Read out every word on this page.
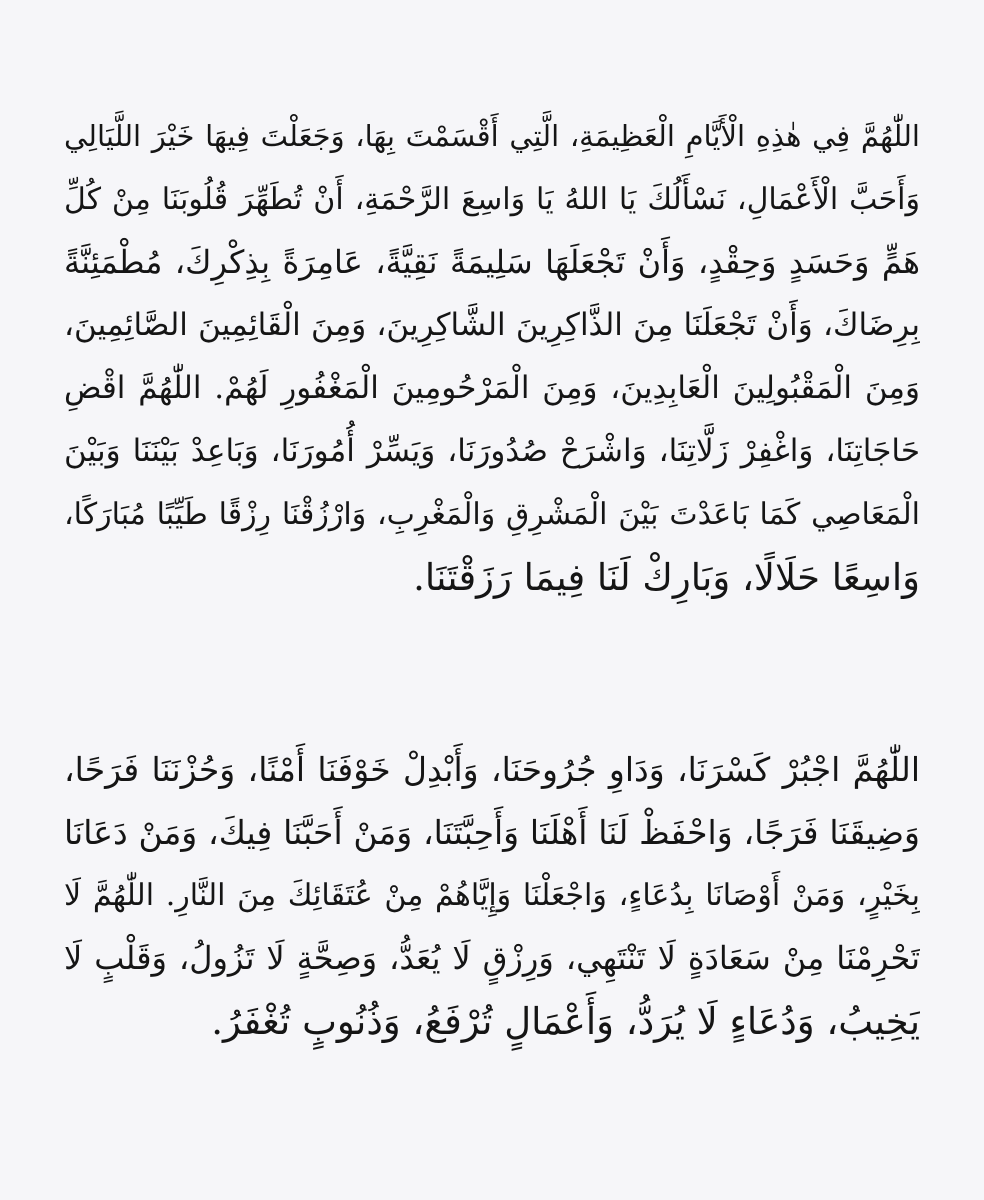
اللّٰهُمَّ فِي هٰذِهِ الْأَيَّامِ الْعَظِيمَةِ، الَّتِي أَقْسَمْتَ بِهَا، وَجَعَلْتَ فِيهَا خَيْرَ اللَّيَالِي
وَأَحَبَّ الْأَعْمَالِ، نَسْأَلُكَ يَا اللهُ يَا وَاسِعَ الرَّحْمَةِ، أَنْ تُطَهِّرَ قُلُوبَنَا مِنْ كُلِّ
هَمٍّ وَحَسَدٍ وَحِقْدٍ، وَأَنْ تَجْعَلَهَا سَلِيمَةً نَقِيَّةً، عَامِرَةً بِذِكْرِكَ، مُطْمَئِنَّةً
بِرِضَاكَ، وَأَنْ تَجْعَلَنَا مِنَ الذَّاكِرِينَ الشَّاكِرِينَ، وَمِنَ الْقَائِمِينَ الصَّائِمِينَ،
وَمِنَ الْمَقْبُولِينَ الْعَابِدِينَ، وَمِنَ الْمَرْحُومِينَ الْمَغْفُورِ لَهُمْ. اللّٰهُمَّ اقْضِ
حَاجَاتِنَا، وَاغْفِرْ زَلَّاتِنَا، وَاشْرَحْ صُدُورَنَا، وَيَسِّرْ أُمُورَنَا، وَبَاعِدْ بَيْنَنَا وَبَيْنَ
الْمَعَاصِي كَمَا بَاعَدْتَ بَيْنَ الْمَشْرِقِ وَالْمَغْرِبِ، وَارْزُقْنَا رِزْقًا طَيِّبًا مُبَارَكًا،
وَاسِعًا حَلَالًا، وَبَارِكْ لَنَا فِيمَا رَزَقْتَنَا.
اللّٰهُمَّ اجْبُرْ كَسْرَنَا، وَدَاوِ جُرُوحَنَا، وَأَبْدِلْ خَوْفَنَا أَمْنًا، وَحُزْنَنَا فَرَحًا،
وَضِيقَنَا فَرَجًا، وَاحْفَظْ لَنَا أَهْلَنَا وَأَحِبَّتَنَا، وَمَنْ أَحَبَّنَا فِيكَ، وَمَنْ دَعَانَا
بِخَيْرٍ، وَمَنْ أَوْصَانَا بِدُعَاءٍ، وَاجْعَلْنَا وَإِيَّاهُمْ مِنْ عُتَقَائِكَ مِنَ النَّارِ. اللّٰهُمَّ لَا
تَحْرِمْنَا مِنْ سَعَادَةٍ لَا تَنْتَهِي، وَرِزْقٍ لَا يُعَدُّ، وَصِحَّةٍ لَا تَزُولُ، وَقَلْبٍ لَا
يَخِيبُ، وَدُعَاءٍ لَا يُرَدُّ، وَأَعْمَالٍ تُرْفَعُ، وَذُنُوبٍ تُغْفَرُ.
